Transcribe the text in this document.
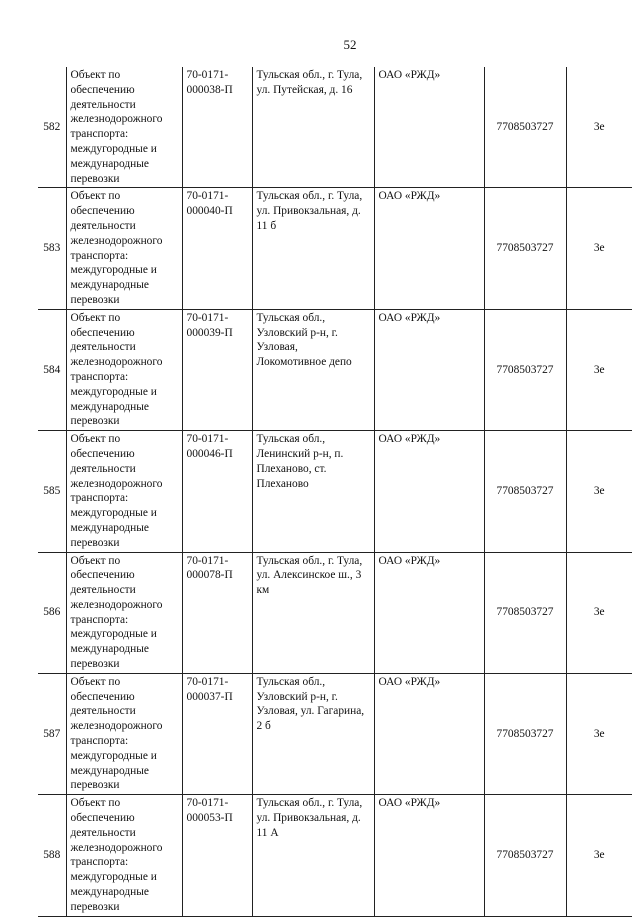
52
582	Объект по обеспечению деятельности железнодорожного транспорта: междугородные и международные перевозки	70-0171-000038-П	Тульская обл., г. Тула, ул. Путейская, д. 16	ОАО «РЖД»	7708503727	3е
583	Объект по обеспечению деятельности железнодорожного транспорта: междугородные и международные перевозки	70-0171-000040-П	Тульская обл., г. Тула, ул. Привокзальная, д. 11 б	ОАО «РЖД»	7708503727	3е
584	Объект по обеспечению деятельности железнодорожного транспорта: междугородные и международные перевозки	70-0171-000039-П	Тульская обл., Узловский р-н, г. Узловая, Локомотивное депо	ОАО «РЖД»	7708503727	3е
585	Объект по обеспечению деятельности железнодорожного транспорта: междугородные и международные перевозки	70-0171-000046-П	Тульская обл., Ленинский р-н, п. Плеханово, ст. Плеханово	ОАО «РЖД»	7708503727	3е
586	Объект по обеспечению деятельности железнодорожного транспорта: междугородные и международные перевозки	70-0171-000078-П	Тульская обл., г. Тула, ул. Алексинское ш., 3 км	ОАО «РЖД»	7708503727	3е
587	Объект по обеспечению деятельности железнодорожного транспорта: междугородные и международные перевозки	70-0171-000037-П	Тульская обл., Узловский р-н, г. Узловая, ул. Гагарина, 2 б	ОАО «РЖД»	7708503727	3е
588	Объект по обеспечению деятельности железнодорожного транспорта: междугородные и международные перевозки	70-0171-000053-П	Тульская обл., г. Тула, ул. Привокзальная, д. 11 А	ОАО «РЖД»	7708503727	3е
